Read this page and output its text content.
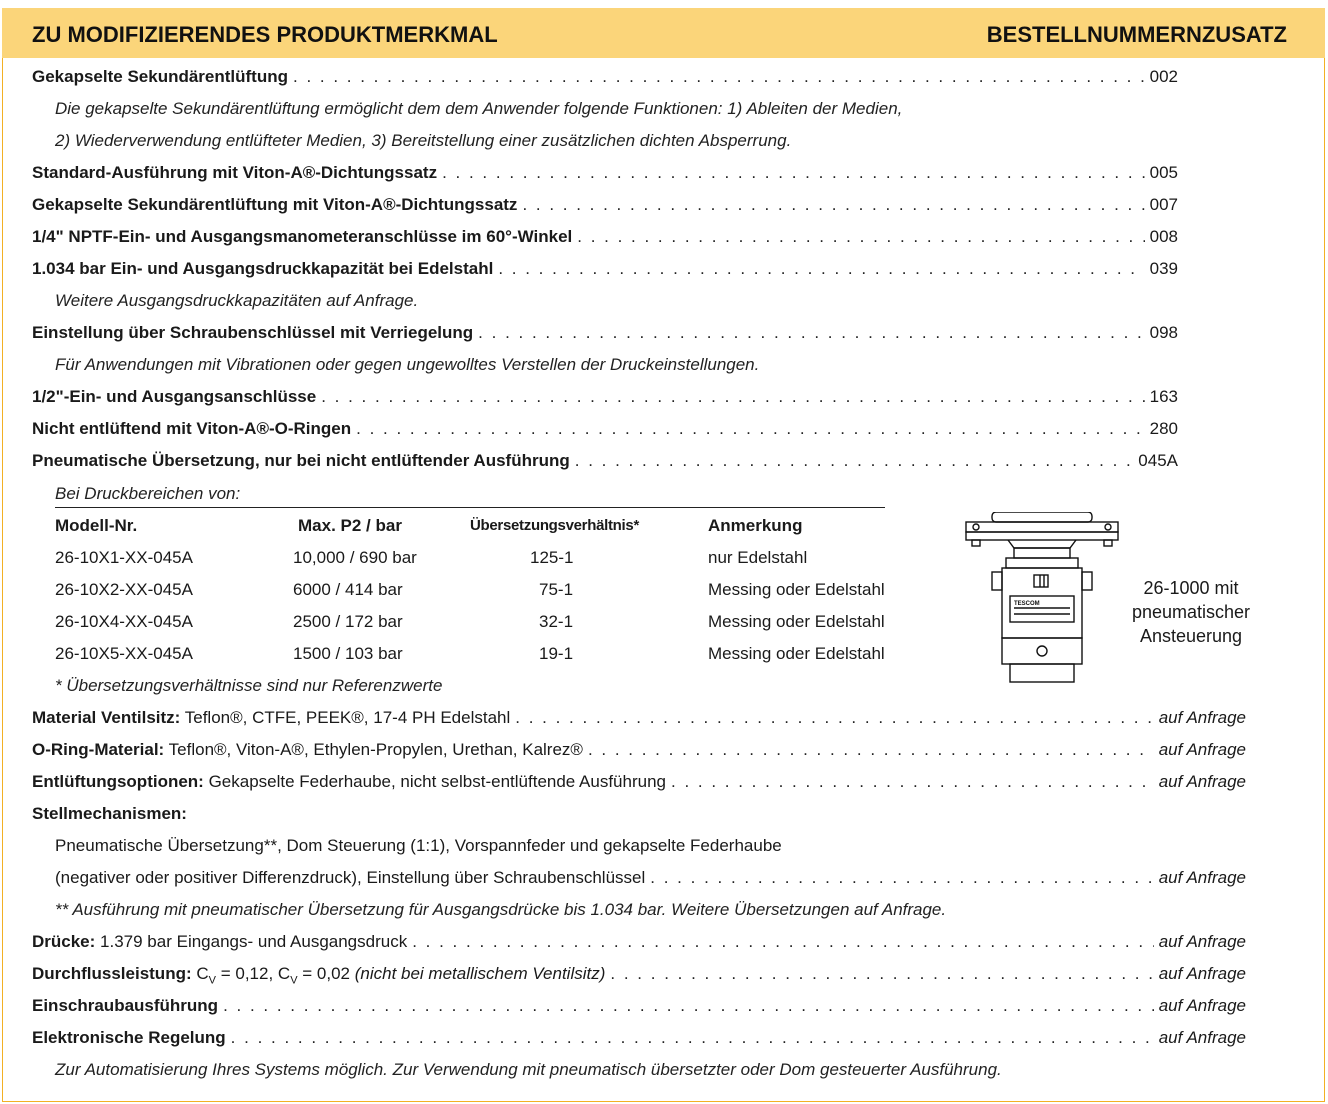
ZU MODIFIZIERENDES PRODUKTMERKMAL	BESTELLNUMMERNZUSATZ
Gekapselte Sekundärentlüftung . . .	002
Die gekapselte Sekundärentlüftung ermöglicht dem dem Anwender folgende Funktionen: 1) Ableiten der Medien,
2) Wiederverwendung entlüfteter Medien, 3) Bereitstellung einer zusätzlichen dichten Absperrung.
Standard-Ausführung mit Viton-A®-Dichtungssatz . . .	005
Gekapselte Sekundärentlüftung mit Viton-A®-Dichtungssatz . . .	007
1/4" NPTF-Ein- und Ausgangsmanometeranschlüsse im 60°-Winkel . . .	008
1.034 bar Ein- und Ausgangsdruckkapazität bei Edelstahl . . .	039
Weitere Ausgangsdruckkapazitäten auf Anfrage.
Einstellung über Schraubenschlüssel mit Verriegelung . . .	098
Für Anwendungen mit Vibrationen oder gegen ungewolltes Verstellen der Druckeinstellungen.
1/2"-Ein- und Ausgangsanschlüsse . . .	163
Nicht entlüftend mit Viton-A®-O-Ringen . . .	280
Pneumatische Übersetzung, nur bei nicht entlüftender Ausführung . . .	045A
Bei Druckbereichen von:
Modell-Nr.	Max. P2 / bar	Übersetzungsverhältnis*	Anmerkung
26-10X1-XX-045A	10,000 / 690 bar	125-1	nur Edelstahl
26-10X2-XX-045A	6000 / 414 bar	75-1	Messing oder Edelstahl
26-10X4-XX-045A	2500 / 172 bar	32-1	Messing oder Edelstahl
26-10X5-XX-045A	1500 / 103 bar	19-1	Messing oder Edelstahl
* Übersetzungsverhältnisse sind nur Referenzwerte
TESCOM
26-1000 mit
pneumatischer
Ansteuerung
Material Ventilsitz: Teflon®, CTFE, PEEK®, 17-4 PH Edelstahl . . .	auf Anfrage
O-Ring-Material: Teflon®, Viton-A®, Ethylen-Propylen, Urethan, Kalrez® . . .	auf Anfrage
Entlüftungsoptionen: Gekapselte Federhaube, nicht selbst-entlüftende Ausführung . . .	auf Anfrage
Stellmechanismen:
Pneumatische Übersetzung**, Dom Steuerung (1:1), Vorspannfeder und gekapselte Federhaube
(negativer oder positiver Differenzdruck), Einstellung über Schraubenschlüssel . . .	auf Anfrage
** Ausführung mit pneumatischer Übersetzung für Ausgangsdrücke bis 1.034 bar. Weitere Übersetzungen auf Anfrage.
Drücke: 1.379 bar Eingangs- und Ausgangsdruck . . .	auf Anfrage
Durchflussleistung: $C_V = 0,12$, $C_V = 0,02$ (nicht bei metallischem Ventilsitz) . . .	auf Anfrage
Einschraubausführung . . .	auf Anfrage
Elektronische Regelung . . .	auf Anfrage
Zur Automatisierung Ihres Systems möglich. Zur Verwendung mit pneumatisch übersetzter oder Dom gesteuerter Ausführung.
